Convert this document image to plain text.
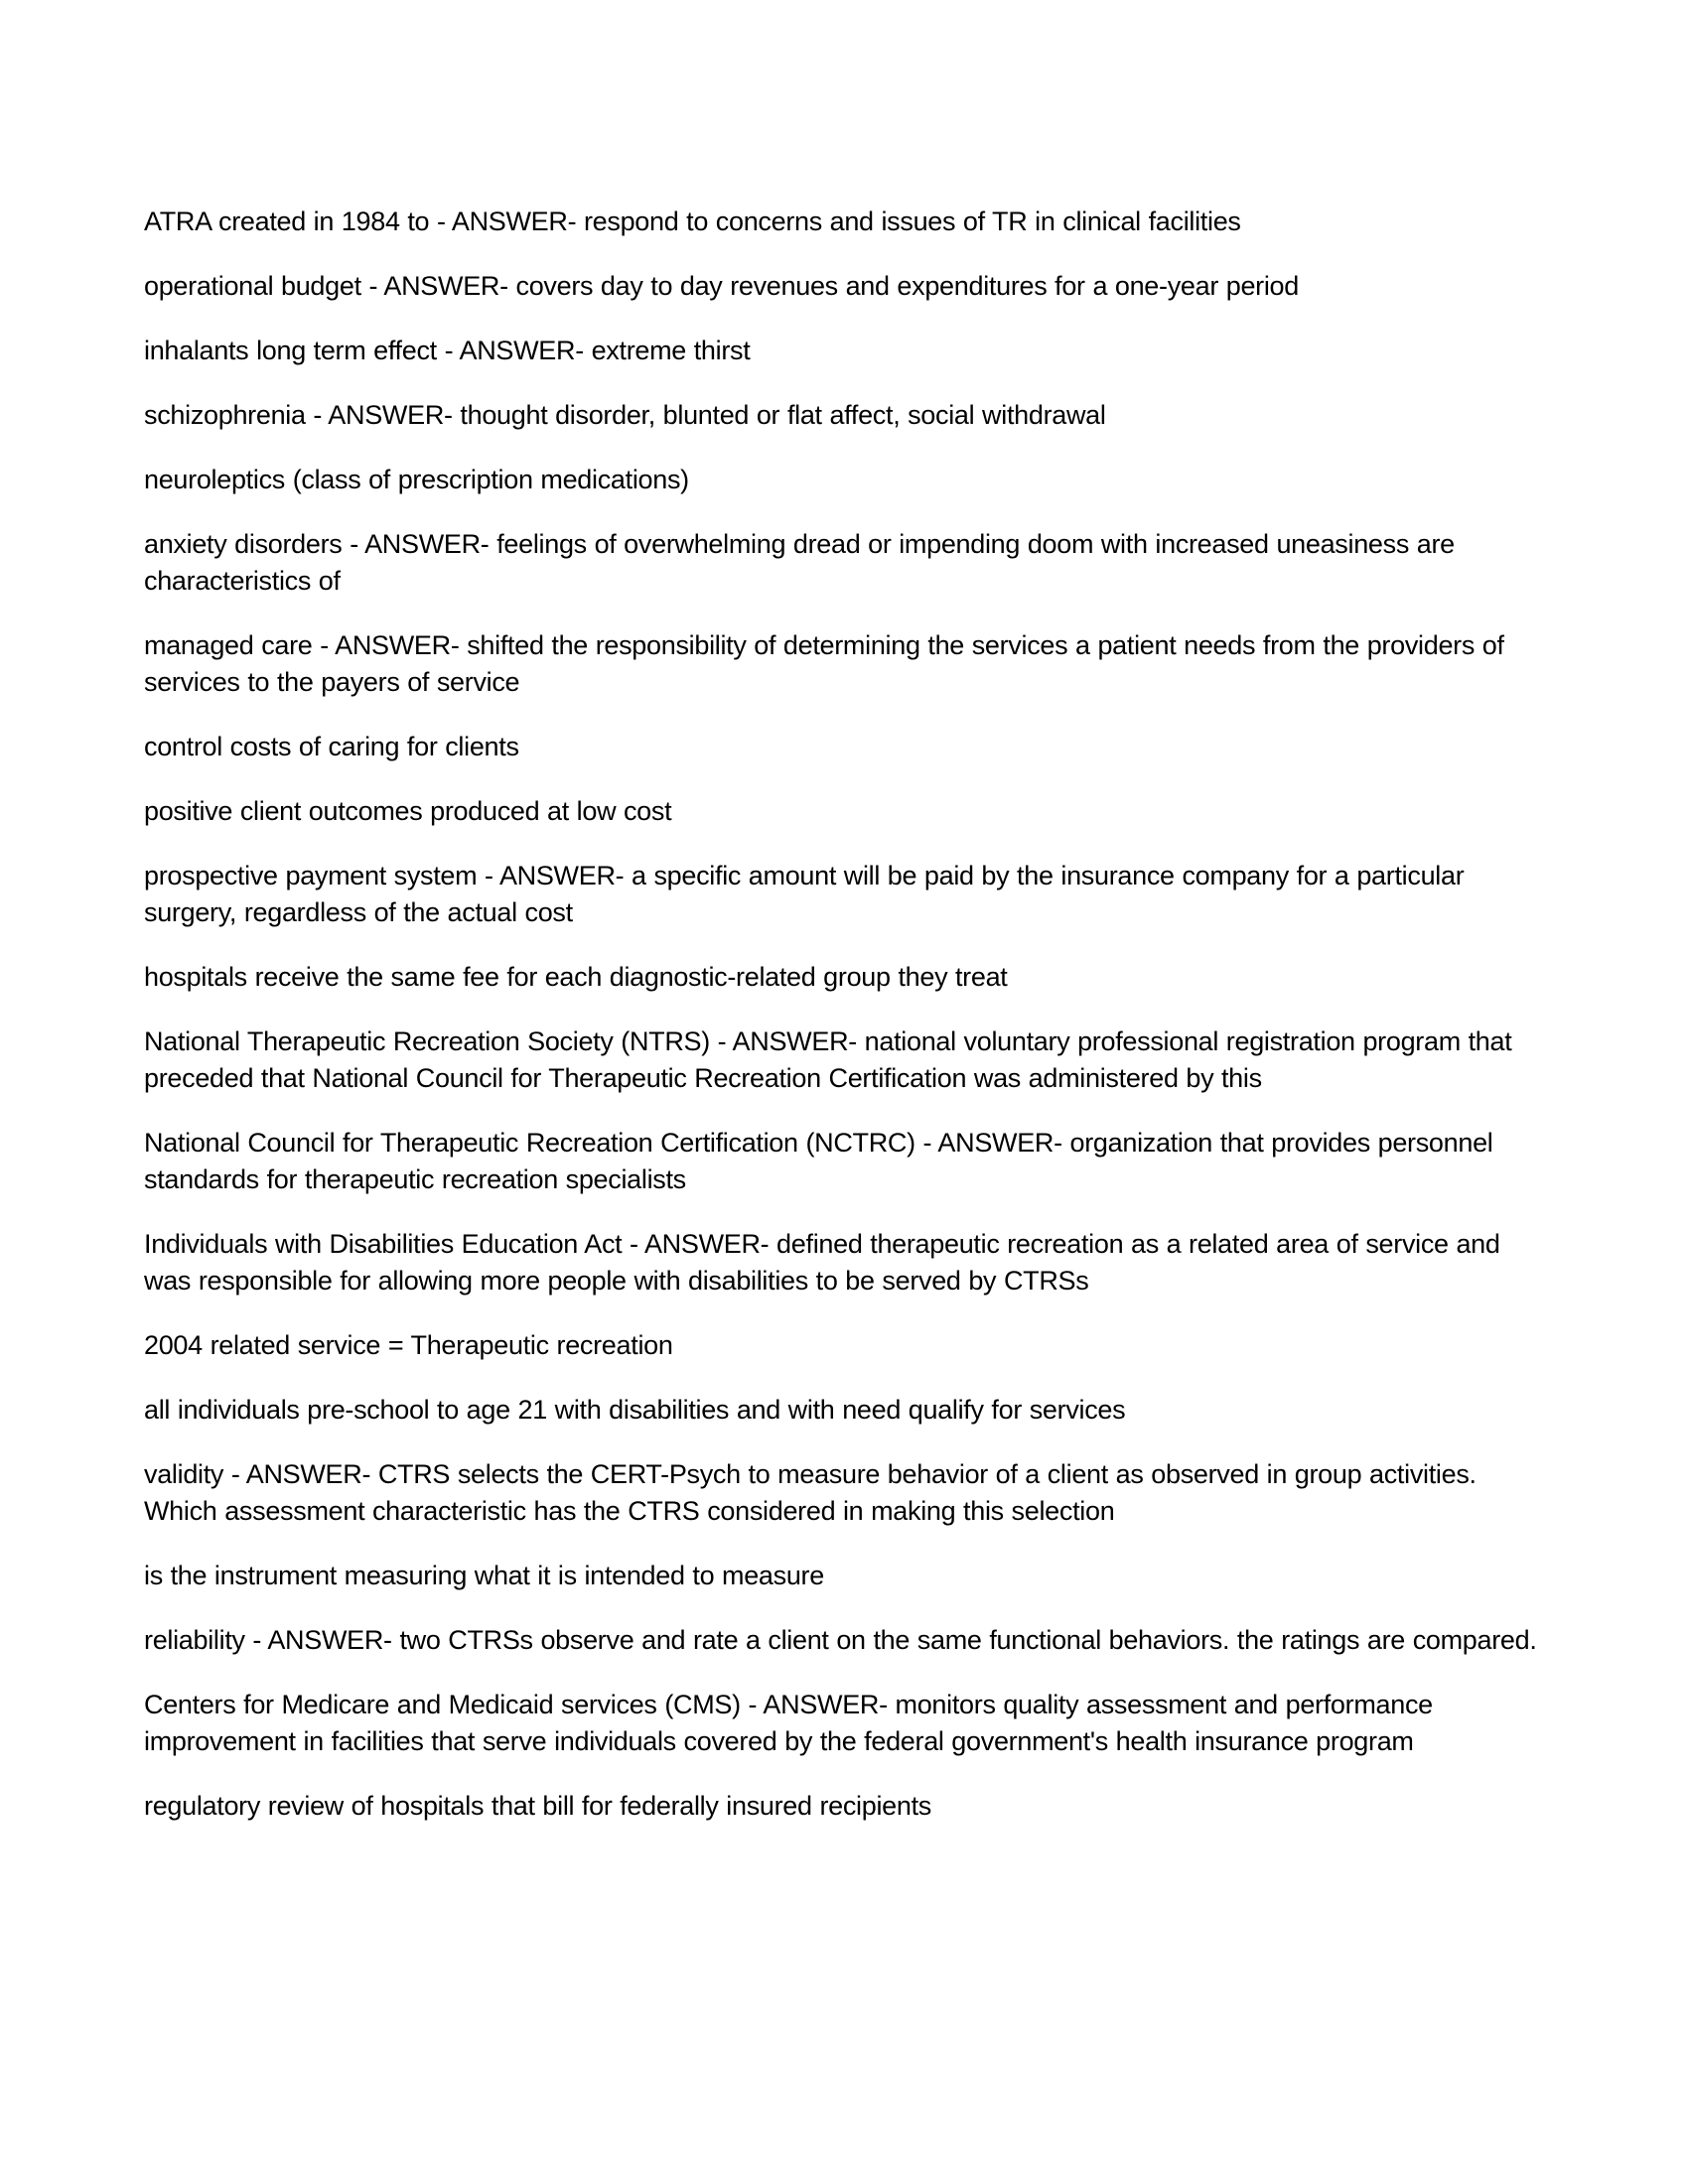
ATRA created in 1984 to - ANSWER- respond to concerns and issues of TR in clinical facilities

operational budget - ANSWER- covers day to day revenues and expenditures for a one-year period

inhalants long term effect - ANSWER- extreme thirst

schizophrenia - ANSWER- thought disorder, blunted or flat affect, social withdrawal

neuroleptics (class of prescription medications)

anxiety disorders - ANSWER- feelings of overwhelming dread or impending doom with increased uneasiness are characteristics of

managed care - ANSWER- shifted the responsibility of determining the services a patient needs from the providers of services to the payers of service

control costs of caring for clients

positive client outcomes produced at low cost

prospective payment system - ANSWER- a specific amount will be paid by the insurance company for a particular surgery, regardless of the actual cost

hospitals receive the same fee for each diagnostic-related group they treat

National Therapeutic Recreation Society (NTRS) - ANSWER- national voluntary professional registration program that preceded that National Council for Therapeutic Recreation Certification was administered by this

National Council for Therapeutic Recreation Certification (NCTRC) - ANSWER- organization that provides personnel standards for therapeutic recreation specialists

Individuals with Disabilities Education Act - ANSWER- defined therapeutic recreation as a related area of service and was responsible for allowing more people with disabilities to be served by CTRSs

2004 related service = Therapeutic recreation

all individuals pre-school to age 21 with disabilities and with need qualify for services

validity - ANSWER- CTRS selects the CERT-Psych to measure behavior of a client as observed in group activities. Which assessment characteristic has the CTRS considered in making this selection

is the instrument measuring what it is intended to measure

reliability - ANSWER- two CTRSs observe and rate a client on the same functional behaviors. the ratings are compared.

Centers for Medicare and Medicaid services (CMS) - ANSWER- monitors quality assessment and performance improvement in facilities that serve individuals covered by the federal government's health insurance program

regulatory review of hospitals that bill for federally insured recipients
